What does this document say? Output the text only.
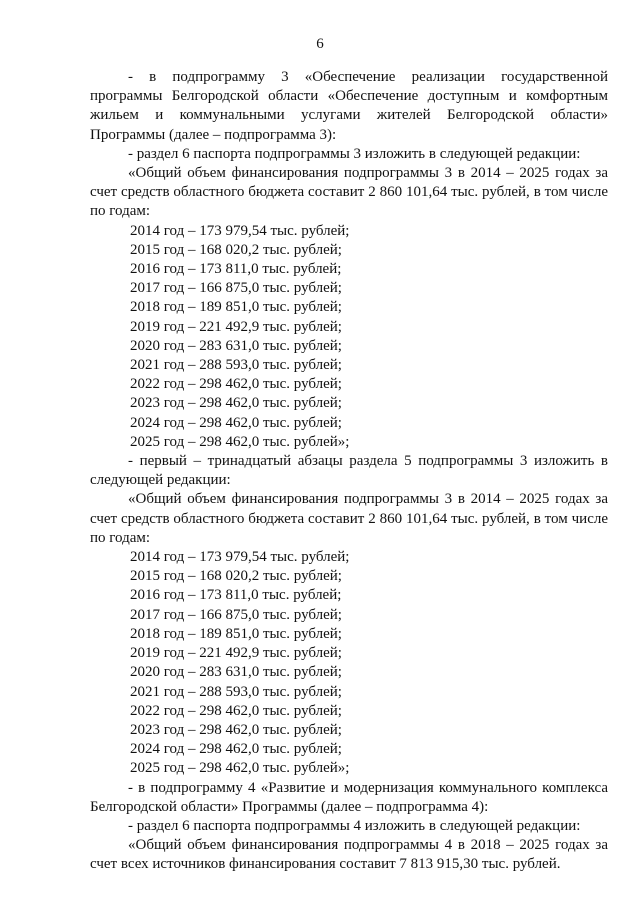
6

- в подпрограмму 3 «Обеспечение реализации государственной программы Белгородской области «Обеспечение доступным и комфортным жильем и коммунальными услугами жителей Белгородской области» Программы (далее – подпрограмма 3):

- раздел 6 паспорта подпрограммы 3 изложить в следующей редакции:

«Общий объем финансирования подпрограммы 3 в 2014 – 2025 годах за счет средств областного бюджета составит 2 860 101,64 тыс. рублей, в том числе по годам:

2014 год – 173 979,54 тыс. рублей;
2015 год – 168 020,2 тыс. рублей;
2016 год – 173 811,0 тыс. рублей;
2017 год – 166 875,0 тыс. рублей;
2018 год – 189 851,0 тыс. рублей;
2019 год – 221 492,9 тыс. рублей;
2020 год – 283 631,0 тыс. рублей;
2021 год – 288 593,0 тыс. рублей;
2022 год – 298 462,0 тыс. рублей;
2023 год – 298 462,0 тыс. рублей;
2024 год – 298 462,0 тыс. рублей;
2025 год – 298 462,0 тыс. рублей»;

- первый – тринадцатый абзацы раздела 5 подпрограммы 3 изложить в следующей редакции:

«Общий объем финансирования подпрограммы 3 в 2014 – 2025 годах за счет средств областного бюджета составит 2 860 101,64 тыс. рублей, в том числе по годам:

2014 год – 173 979,54 тыс. рублей;
2015 год – 168 020,2 тыс. рублей;
2016 год – 173 811,0 тыс. рублей;
2017 год – 166 875,0 тыс. рублей;
2018 год – 189 851,0 тыс. рублей;
2019 год – 221 492,9 тыс. рублей;
2020 год – 283 631,0 тыс. рублей;
2021 год – 288 593,0 тыс. рублей;
2022 год – 298 462,0 тыс. рублей;
2023 год – 298 462,0 тыс. рублей;
2024 год – 298 462,0 тыс. рублей;
2025 год – 298 462,0 тыс. рублей»;

- в подпрограмму 4 «Развитие и модернизация коммунального комплекса Белгородской области» Программы (далее – подпрограмма 4):

- раздел 6 паспорта подпрограммы 4 изложить в следующей редакции:

«Общий объем финансирования подпрограммы 4 в 2018 – 2025 годах за счет всех источников финансирования составит 7 813 915,30 тыс. рублей.
